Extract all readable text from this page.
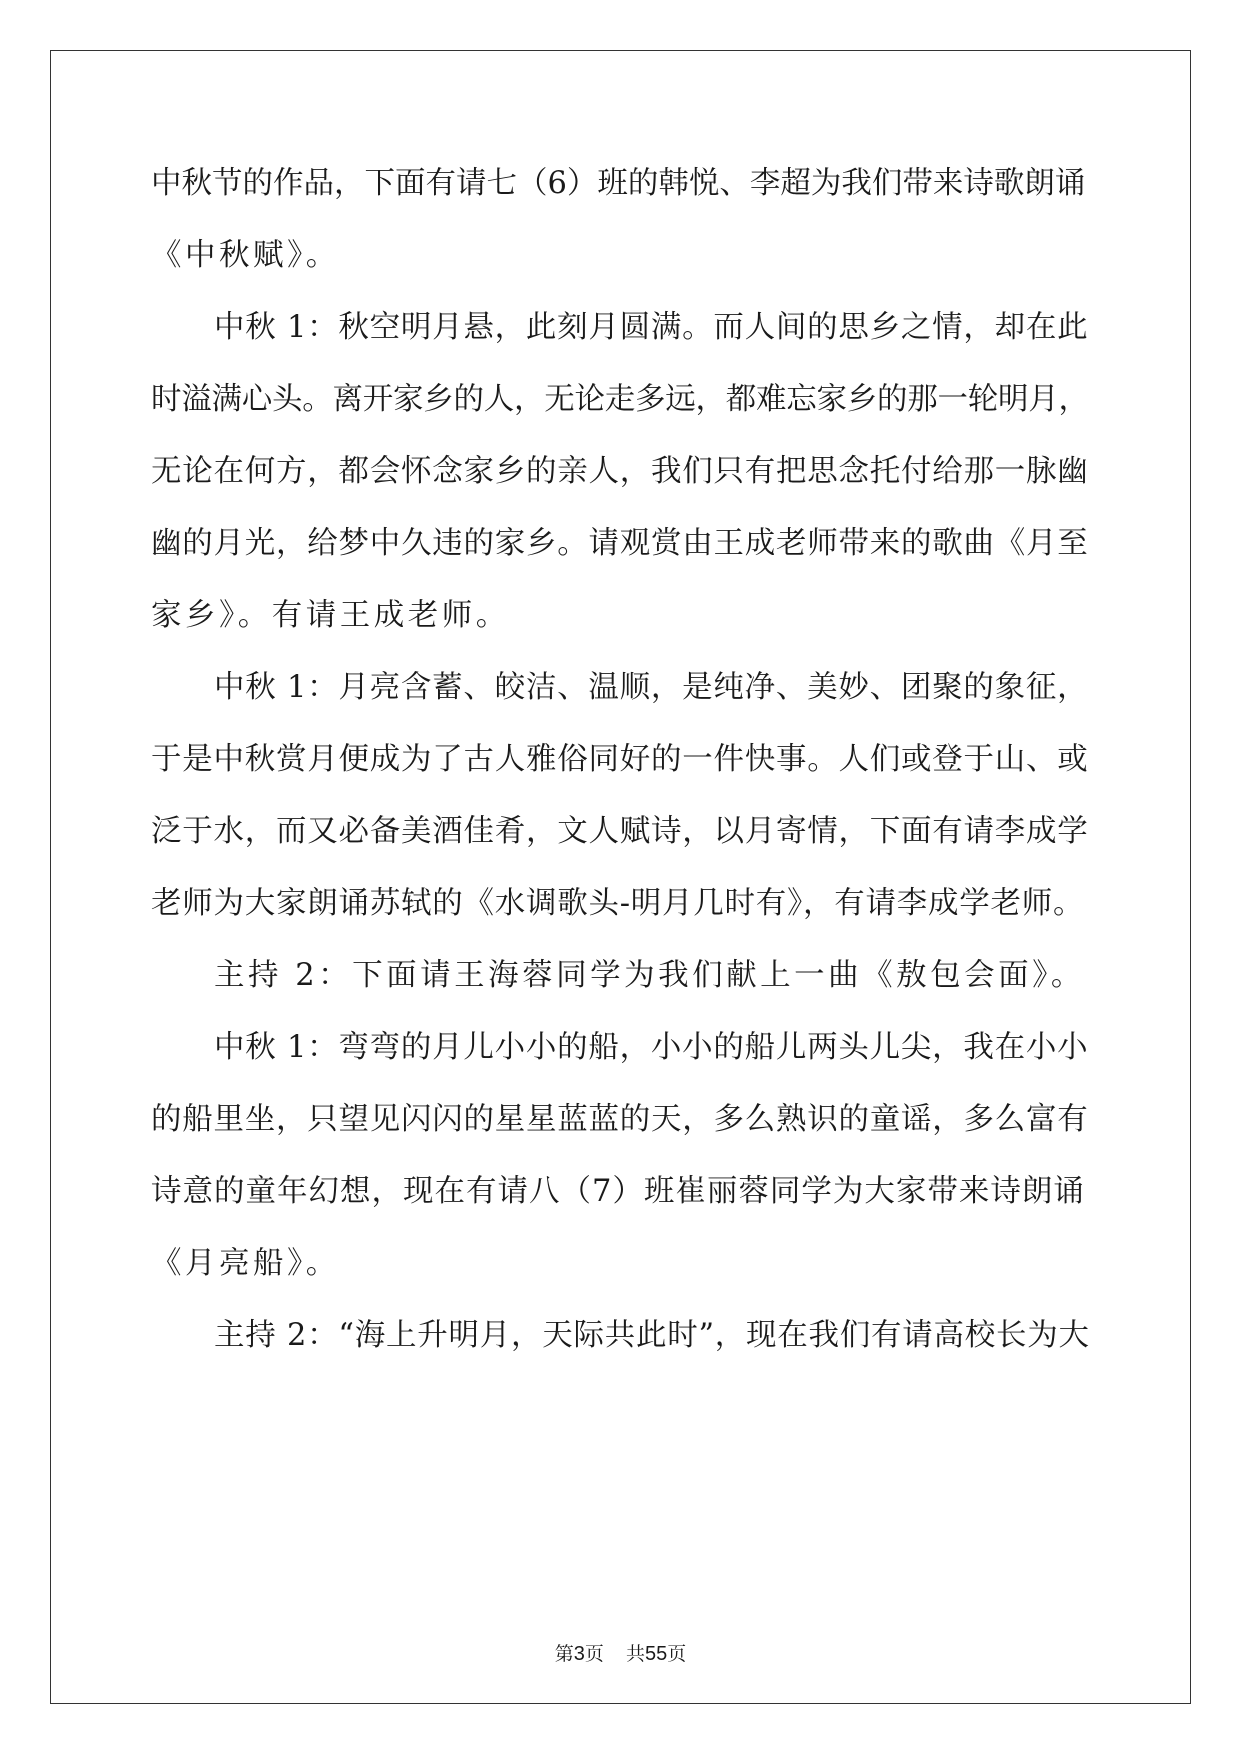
中秋节的作品，下面有请七（6）班的韩悦、李超为我们带来诗歌朗诵
《中秋赋》。
中秋 1：秋空明月悬，此刻月圆满。而人间的思乡之情，却在此
时溢满心头。离开家乡的人，无论走多远，都难忘家乡的那一轮明月，
无论在何方，都会怀念家乡的亲人，我们只有把思念托付给那一脉幽
幽的月光，给梦中久违的家乡。请观赏由王成老师带来的歌曲《月至
家乡》。有请王成老师。
中秋 1：月亮含蓄、皎洁、温顺，是纯净、美妙、团聚的象征，
于是中秋赏月便成为了古人雅俗同好的一件快事。人们或登于山、或
泛于水，而又必备美酒佳肴，文人赋诗，以月寄情，下面有请李成学
老师为大家朗诵苏轼的《水调歌头-明月几时有》，有请李成学老师。
主持 2：下面请王海蓉同学为我们献上一曲《敖包会面》。
中秋 1：弯弯的月儿小小的船，小小的船儿两头儿尖，我在小小
的船里坐，只望见闪闪的星星蓝蓝的天，多么熟识的童谣，多么富有
诗意的童年幻想，现在有请八（7）班崔丽蓉同学为大家带来诗朗诵
《月亮船》。
主持 2：“海上升明月，天际共此时”，现在我们有请高校长为大
第3页 共55页
